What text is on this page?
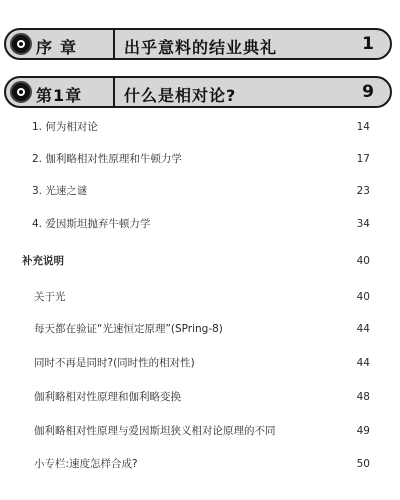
序章 出乎意料的结业典礼	1
第1章	什么是相对论?	9
1. 何为相对论	14
2. 伽利略相对性原理和牛顿力学	17
3. 光速之谜	23
4. 爱因斯坦抛弃牛顿力学	34
补充说明	40
关于光	40
每天都在验证“光速恒定原理”(SPring-8)	44
同时不再是同时?(同时性的相对性)	44
伽利略相对性原理和伽利略变换	48
伽利略相对性原理与爱因斯坦狭义相对论原理的不同	49
小专栏:速度怎样合成?	50
